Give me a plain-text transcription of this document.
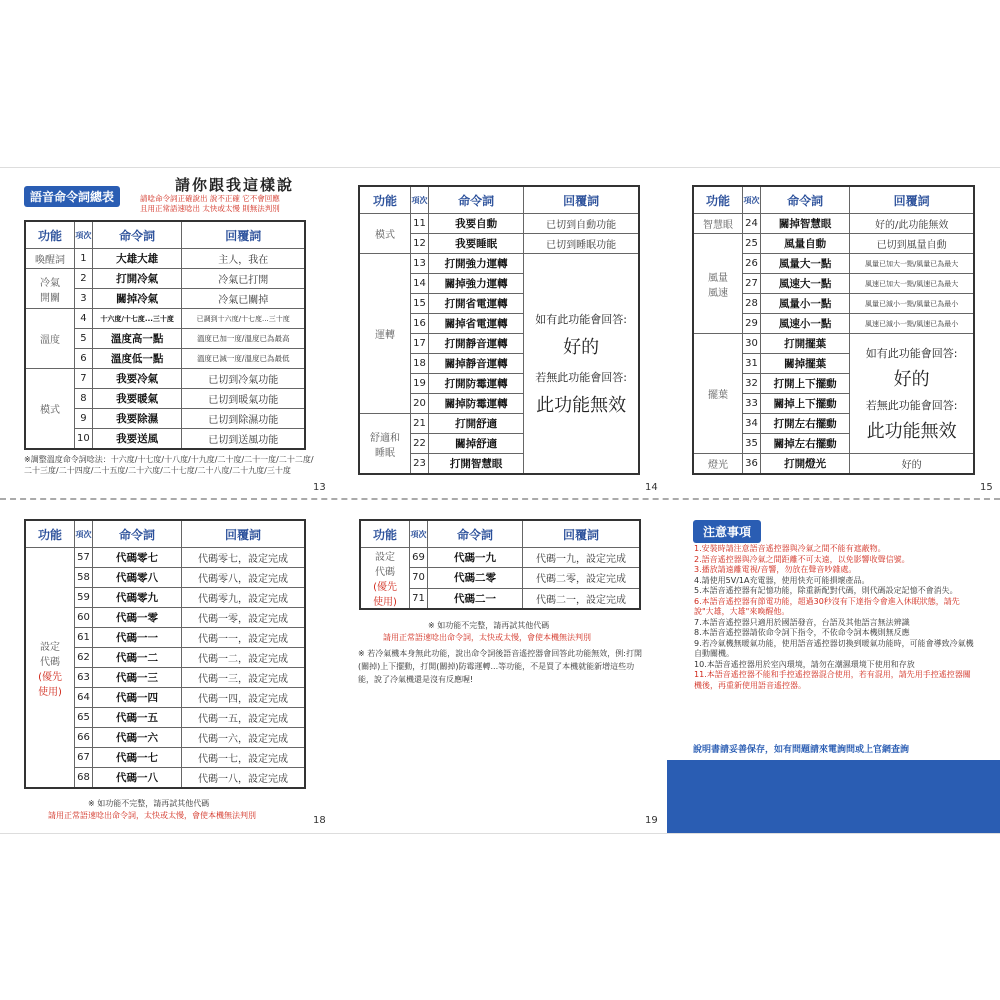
語音命令詞總表
請你跟我這樣說
請唸命令詞正確說出 說不正確 它不會回應
且用正常語速唸出 太快或太慢 則無法判別
功能	項次	命令詞	回覆詞
喚醒詞	1	大雄大雄	主人，我在
冷氣
開關	2	打開冷氣	冷氣已打開
	3	關掉冷氣	冷氣已關掉
溫度	4	十六度/十七度...三十度	已調到十六度/十七度...三十度
	5	溫度高一點	溫度已加一度/溫度已為最高
	6	溫度低一點	溫度已減一度/溫度已為最低
模式	7	我要冷氣	已切到冷氣功能
	8	我要暖氣	已切到暖氣功能
	9	我要除濕	已切到除濕功能
	10	我要送風	已切到送風功能
※調整溫度命令詞唸法：十六度/十七度/十八度/十九度/二十度/二十一度/二十二度/二十三度/二十四度/二十五度/二十六度/二十七度/二十八度/二十九度/三十度
13
功能	項次	命令詞	回覆詞
模式	11	我要自動	已切到自動功能
	12	我要睡眠	已切到睡眠功能
運轉	13	打開強力運轉	如有此功能會回答:
好的
若無此功能會回答:
此功能無效

	14	關掉強力運轉	
	15	打開省電運轉	
	16	關掉省電運轉	
	17	打開靜音運轉	
	18	關掉靜音運轉	
	19	打開防霉運轉	
	20	關掉防霉運轉	
舒適和
睡眠	21	打開舒適	
	22	關掉舒適	
	23	打開智慧眼	
14
功能	項次	命令詞	回覆詞
智慧眼	24	關掉智慧眼	好的/此功能無效
風量
風速	25	風量自動	已切到風量自動
	26	風量大一點	風量已加大一點/風量已為最大
	27	風速大一點	風速已加大一點/風速已為最大
	28	風量小一點	風量已減小一點/風量已為最小
	29	風速小一點	風速已減小一點/風速已為最小
擺葉	30	打開擺葉	如有此功能會回答:
好的
若無此功能會回答:
此功能無效

	31	關掉擺葉	
	32	打開上下擺動	
	33	關掉上下擺動	
	34	打開左右擺動	
	35	關掉左右擺動	
燈光	36	打開燈光	好的
15
功能	項次	命令詞	回覆詞

設定
代碼
(優先
使用)	57	代碼零七	代碼零七，設定完成
	58	代碼零八	代碼零八，設定完成
	59	代碼零九	代碼零九，設定完成
	60	代碼一零	代碼一零，設定完成
	61	代碼一一	代碼一一，設定完成
	62	代碼一二	代碼一二，設定完成
	63	代碼一三	代碼一三，設定完成
	64	代碼一四	代碼一四，設定完成
	65	代碼一五	代碼一五，設定完成
	66	代碼一六	代碼一六，設定完成
	67	代碼一七	代碼一七，設定完成
	68	代碼一八	代碼一八，設定完成
※ 如功能不完整，請再試其他代碼
請用正常語速唸出命令詞，太快或太慢，會使本機無法判別	18
功能	項次	命令詞	回覆詞

設定
代碼
(優先
使用)	69	代碼一九	代碼一九，設定完成
	70	代碼二零	代碼二零，設定完成
	71	代碼二一	代碼二一，設定完成
※ 如功能不完整，請再試其他代碼
請用正常語速唸出命令詞，太快或太慢，會使本機無法判別
※ 若冷氣機本身無此功能，說出命令詞後語音遙控器會回答此功能無效，例:打開(關掉)上下擺動，打開(關掉)防霉運轉...等功能，不是買了本機就能新增這些功能，說了冷氣機還是沒有反應喔!
19
注意事項
1.安裝時請注意語音遙控器與冷氣之間不能有遮蔽物。
2.語音遙控器與冷氣之間距離不可太遠，以免影響收聲信號。
3.播放請遠離電視/音響，勿放在聲音吵雜處。
4.請使用5V/1A充電器，使用快充可能損壞產品。
5.本語音遙控器有記憶功能，除重新配對代碼，則代碼設定記憶不會消失。
6.本語音遙控器有節電功能，超過30秒沒有下達指令會進入休眠狀態，請先說"大雄，大雄"來喚醒他。
7.本語音遙控器只適用於國語發音，台語及其他語言無法辨識
8.本語音遙控器請依命令詞下指令，不依命令詞本機則無反應
9.若冷氣機無暖氣功能，使用語音遙控器切換到暖氣功能時，可能會導致冷氣機自動關機。
10.本語音遙控器用於室內環境，請勿在潮濕環境下使用和存放
11.本語音遙控器不能和手控遙控器混合使用，若有混用，請先用手控遙控器關機後，再重新使用語音遙控器。
說明書請妥善保存，如有問題請來電詢問或上官網查詢
